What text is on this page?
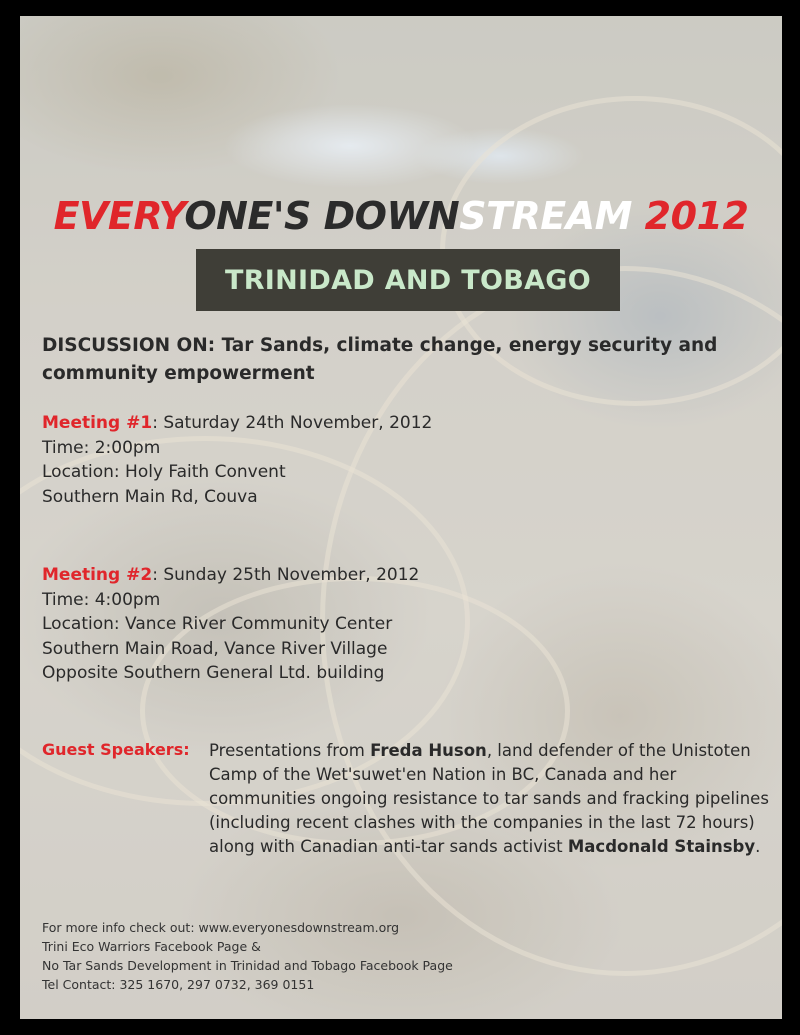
EVERYONE'S DOWNSTREAM 2012
TRINIDAD AND TOBAGO
DISCUSSION ON: Tar Sands, climate change, energy security and community empowerment
Meeting #1: Saturday 24th November, 2012
Time: 2:00pm
Location: Holy Faith Convent
Southern Main Rd, Couva
Meeting #2: Sunday 25th November, 2012
Time: 4:00pm
Location: Vance River Community Center
Southern Main Road, Vance River Village
Opposite Southern General Ltd. building
Guest Speakers: Presentations from Freda Huson, land defender of the Unistoten Camp of the Wet'suwet'en Nation in BC, Canada and her communities ongoing resistance to tar sands and fracking pipelines (including recent clashes with the companies in the last 72 hours) along with Canadian anti-tar sands activist Macdonald Stainsby.
For more info check out: www.everyonesdownstream.org
Trini Eco Warriors Facebook Page &
No Tar Sands Development in Trinidad and Tobago Facebook Page
Tel Contact: 325 1670, 297 0732, 369 0151
